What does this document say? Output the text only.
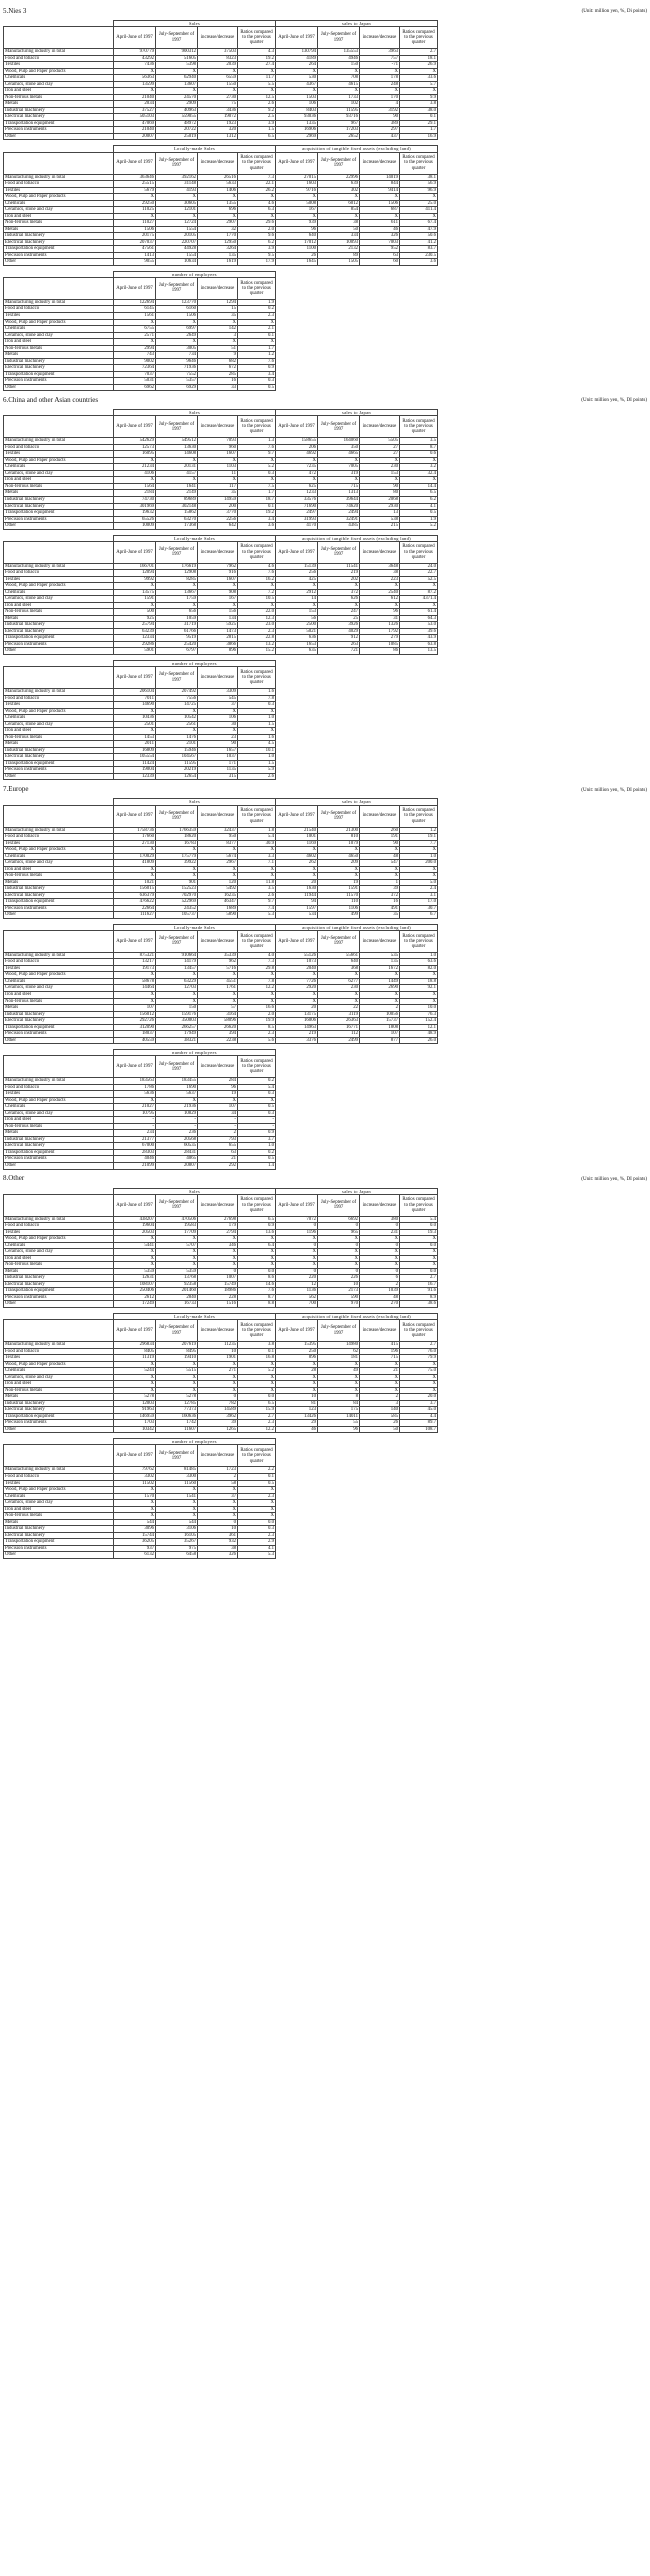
5.Nies 3	(Unit: million yen, %, Di points)
	Sales				sales to Japan			
	April-June of 1997	July-September of 1997	increase/decrease	Ratios compared to the previous quarter	April-June of 1997	July-September of 1997	increase/decrease	Ratios compared to the previous quarter
Manufacturing industry in total	970779	900312	37503	4.3	130794	135553	3963	2.7
Food and tobacco	43292	51605	8323	19.2	4189	4946	757	18.1
Textiles	7436	5398	2039	27.4	264	150	-71	26.9
Wood, Pulp and Paper products	X	X	X	X	X	X	X	X
Chemicals	56363	62940	6559	11.7	530	708	178	33.6
Ceramics, stone and clay	13599	13607	1550	5.5	4367	4615	248	5.7
Iron and steel	X	X	X	X	X	X	X	X
Non-ferrous metals	21040	24570	2730	12.5	1503	1733	170	9.9
Metals	2034	2909	75	2.6	106	102	4	3.8
Industrial machinery	37527	40963	3436	9.2	8403	11595	3192	38.0
Electrical machinery	505103	559055	19072	2.5	93036	93716	90	0.1
Transportation equipment	47069	48972	1923	3.9	1335	967	389	29.1
Precision instruments	21040	20722	320	1.5	16906	17203	297	1.7
Other	20007	25019	1312	6.5	2969	2652	437	16.9
	Locally-made Sales				acquisition of tangible fixed assets (excluding land)			
	April-June of 1997	July-September of 1997	increase/decrease	Ratios compared to the previous quarter	April-June of 1997	July-September of 1997	increase/decrease	Ratios compared to the previous quarter
Manufacturing industry in total	363646	392162	26516	7.3	27015	22996	14019	38.1
Food and tobacco	25515	31148	5633	22.1	1603	639	844	56.9
Textiles	5679	4193	1406	26.2	9716	302	9414	96.9
Wood, Pulp and Paper products	X	X	X	X	X	X	X	X
Chemicals	29250	30605	1355	4.6	5008	6012	1506	25.0
Ceramics, stone and clay	11025	12101	696	6.3	167	854	687	411.4
Iron and steel	X	X	X	X	X	X	X	X
Non-ferrous metals	11027	12724	2907	29.6	939	38	611	67.4
Metals	1506	1554	32	2.0	96	50	46	47.9
Industrial machinery	20175	20105	1770	9.6	640	334	326	50.6
Electrical machinery	207037	220707	12950	6.2	17012	10093	7003	41.2
Transportation equipment	47561	44928	3264	3.9	1100	2132	952	83.7
Precision instruments	1413	1554	135	9.5	26	89	63	230.5
Other	9055	10634	1619	17.9	1645	1505	60	3.6
	number of employees			
	April-June of 1997	July-September of 1997	increase/decrease	Ratios compared to the previous quarter
Manufacturing industry in total	122694	123770	1294	1.9
Food and tobacco	6145	6160	15	0.2
Textiles	1561	1506	35	2.3
Wood, Pulp and Paper products	X	X	X	X
Chemicals	6755	6997	142	2.1
Ceramics, stone and clay	2571	2649	3	0.1
Iron and steel	X	X	X	X
Non-ferrous metals	2994	3005	51	1.7
Metals	743	734	9	1.2
Industrial machinery	9002	9646	682	7.6
Electrical machinery	72364	71936	672	0.9
Transportation equipment	7037	7552	285	3.4
Precision instruments	5031	5357	16	0.3
Other	6962	6929	33	0.5
6.China and other Asian countries	(Unit: million yen, %, DI points)
	Sales				sales to Japan			
	April-June of 1997	July-September of 1997	increase/decrease	Ratios compared to the previous quarter	April-June of 1997	July-September of 1997	increase/decrease	Ratios compared to the previous quarter
Manufacturing industry in total	542629	549512	7093	1.3	158655	164060	5505	3.5
Food and tobacco	12573	13630	960	7.6	206	350	27	8.7
Textiles	16095	14608	1607	9.7	4692	4665	27	0.6
Wood, Pulp and Paper products	X	X	X	X	X	X	X	X
Chemicals	21234	20131	1103	5.2	7235	7005	230	3.2
Ceramics, stone and clay	4106	4157	11	0.3	472	319	153	32.4
Iron and steel	X	X	X	X	X	X	X	X
Non-ferrous metals	1564	1641	117	7.5	625	715	90	14.4
Metals	2184	2149	35	1.7	1233	1313	80	6.5
Industrial machinery	74730	89689	14959	18.7	33576	39644	2068	6.2
Electrical machinery	301969	302148	200	0.1	71690	74620	2930	4.1
Transportation equipment	19632	15862	3770	19.2	2497	2494	13	0.5
Precision instruments	65526	63270	2256	3.4	31993	32491	538	1.9
Other	10009	17368	642	3.6	4170	4385	215	5.2
	Locally-made Sales				acquisition of tangible fixed assets (excluding land)			
	April-June of 1997	July-September of 1997	increase/decrease	Ratios compared to the previous quarter	April-June of 1997	July-September of 1997	increase/decrease	Ratios compared to the previous quarter
Manufacturing industry in total	166701	176619	7962	4.6	15139	11541	3648	24.0
Food and tobacco	12094	12908	916	7.6	256	219	38	22.7
Textiles	9992	8285	1607	16.2	425	202	223	52.5
Wood, Pulp and Paper products	X	X	X	X	X	X	X	X
Chemicals	13575	13667	908	7.2	2912	372	2540	87.2
Ceramics, stone and clay	1591	1759	167	10.5	14	626	612	4371.4
Iron and steel	X	X	X	X	X	X	X	X
Non-ferrous metals	500	656	156	22.0	153	247	96	61.4
Metals	925	1059	134	12.3	56	25	31	64.3
Industrial machinery	25794	31719	5925	23.0	2500	3926	1326	53.0
Electrical machinery	63239	61766	1473	2.3	5021	4029	1792	39.6
Transportation equipment	12334	9519	2815	22.8	636	912	279	43.9
Precision instruments	29286	25420	3866	13.2	1653	263	1085	63.8
Other	5901	6797	896	15.2	635	721	86	13.5
	number of employees			
	April-June of 1997	July-September of 1997	increase/decrease	Ratios compared to the previous quarter
Manufacturing industry in total	206104	207492	3309	1.6
Food and tobacco	7011	7556	545	7.8
Textiles	14690	14725	37	0.3
Wood, Pulp and Paper products	X	X	X	X
Chemicals	10436	10542	106	1.0
Ceramics, stone and clay	2501	2561	30	1.5
Iron and steel	X	X	X	X
Non-ferrous metals	1453	1476	23	1.6
Metals	2011	2101	90	4.5
Industrial machinery	16809	15946	1657	10.1
Electrical machinery	105554	104567	1037	1.0
Transportation equipment	11424	11595	171	1.5
Precision instruments	19004	20219	1135	5.9
Other	12339	12654	315	2.6
7.Europe	(Unit: million yen, %, DI points)
	Sales				sales to Japan			
	April-June of 1997	July-September of 1997	increase/decrease	Ratios compared to the previous quarter	April-June of 1997	July-September of 1997	increase/decrease	Ratios compared to the previous quarter
Manufacturing industry in total	1758736	1766359	32437	1.8	21540	21300	260	1.2
Food and tobacco	17660	18620	950	5.4	1001	810	191	19.1
Textiles	27130	16783	8377	30.9	1169	1079	90	7.7
Wood, Pulp and Paper products	X	X	X	X	X	X	X	X
Chemicals	170029	175779	5674	3.3	4602	4650	48	1.0
Ceramics, stone and clay	41809	39922	2967	7.1	262	209	547	200.0
Iron and steel	X	X	X	X	X	X	X	X
Non-ferrous metals	X	X	X	X	X	X	X	X
Metals	1021	901	120	11.8	20	19	1	5.0
Industrial machinery	156015	152523	5492	3.5	1630	1591	39	2.4
Electrical machinery	636379	702970	16235	2.6	11944	11570	372	3.1
Transportation equipment	476622	522969	46347	9.7	94	110	16	17.0
Precision instruments	22664	24352	1689	7.4	1597	1106	491	30.7
Other	111627	105737	5890	5.3	534	499	35	6.7
	Locally-made Sales				acquisition of tangible fixed assets (excluding land)			
	April-June of 1997	July-September of 1997	increase/decrease	Ratios compared to the previous quarter	April-June of 1997	July-September of 1997	increase/decrease	Ratios compared to the previous quarter
Manufacturing industry in total	875321	910664	35339	4.0	55126	55661	535	1.0
Food and tobacco	13217	14179	962	7.3	1073	640	135	63.6
Textiles	19173	13457	5716	29.8	2040	368	1672	82.0
Wood, Pulp and Paper products	X	X	X	X	X	X	X	X
Chemicals	58678	63229	4551	7.8	7726	6277	1449	18.8
Ceramics, stone and clay	14464	12703	1761	12.2	2920	230	2690	92.1
Iron and steel	X	X	X	X	X	X	X	X
Non-ferrous metals	X	X	X	X	X	X	X	X
Metals	107	150	57	16.6	20	22	2	10.0
Industrial machinery	156012	159176	3164	2.0	13175	3119	10056	76.3
Electrical machinery	292726	350003	58096	19.9	16006	26363	15737	152.4
Transportation equipment	312090	266257	26620	8.5	14963	16771	1808	12.1
Precision instruments	18037	17949	394	2.3	219	112	107	48.9
Other	40559	38321	2238	5.6	3376	2499	877	26.0
	number of employees			
	April-June of 1997	July-September of 1997	increase/decrease	Ratios compared to the previous quarter
Manufacturing industry in total	183563	183455	284	0.2
Food and tobacco	1786	1690	96	5.4
Textiles	5636	5637	19	0.3
Wood, Pulp and Paper products	X	X	X	X
Chemicals	21027	21936	107	0.5
Ceramics, stone and clay	10795	10829	34	0.3
Iron and steel	-	-	-	-
Non-ferrous metals	-	-	-	-
Metals	234	236	2	0.9
Industrial machinery	21377	20568	793	3.7
Electrical machinery	67000	60535	655	1.0
Transportation equipment	28303	28431	63	0.2
Precision instruments	4046	4065	21	0.5
Other	21099	20807	292	1.4
8.Other	(Unit: million yen, %, DI points)
	Sales				sales to Japan			
	April-June of 1997	July-September of 1997	increase/decrease	Ratios compared to the previous quarter	April-June of 1997	July-September of 1997	increase/decrease	Ratios compared to the previous quarter
Manufacturing industry in total	438207	470506	27698	6.5	7072	6692	380	5.4
Food and tobacco	19604	19583	179	0.9	0	0	0	0.0
Textiles	20503	17709	2794	13.6	1196	965	231	19.3
Wood, Pulp and Paper products	X	X	X	X	X	X	X	X
Chemicals	5441	5707	346	6.4	0	0	0	0.0
Ceramics, stone and clay	X	X	X	X	X	X	X	X
Iron and steel	X	X	X	X	X	X	X	X
Non-ferrous metals	X	X	X	X	X	X	X	X
Metals	5359	5359	0	0.0	0	0	0	0.0
Industrial machinery	12631	13768	1007	8.6	220	226	6	2.7
Electrical machinery	108107	92358	15749	14.6	12	10	2	16.7
Transportation equipment	250406	201460	18986	7.6	1136	2173	1039	91.6
Precision instruments	2612	2840	228	8.7	562	590	48	8.9
Other	17249	16733	1516	8.8	700	970	270	38.6
	Locally-made Sales				acquisition of tangible fixed assets (excluding land)			
	April-June of 1997	July-September of 1997	increase/decrease	Ratios compared to the previous quarter	April-June of 1997	July-September of 1997	increase/decrease	Ratios compared to the previous quarter
Manufacturing industry in total	296834	207619	11235	3.8	15395	14980	415	2.7
Food and tobacco	8405	8495	10	0.1	250	62	196	76.0
Textiles	11319	19410	1901	16.8	896	181	715	79.9
Wood, Pulp and Paper products	X	X	X	X	X	X	X	X
Chemicals	5244	5515	271	5.2	28	49	21	75.0
Ceramics, stone and clay	X	X	X	X	X	X	X	X
Iron and steel	X	X	X	X	X	X	X	X
Non-ferrous metals	X	X	X	X	X	X	X	X
Metals	5278	5278	0	0.0	10	8	2	20.0
Industrial machinery	12003	12785	782	6.5	81	84	3	3.7
Electrical machinery	91963	77373	14589	15.9	123	175	140	45.0
Transportation equipment	146959	160636	3962	2.7	13426	14011	585	4.4
Precision instruments	1703	1742	39	2.3	29	55	26	89.7
Other	10342	11607	1265	12.2	46	96	50	108.7
	number of employees			
	April-June of 1997	July-September of 1997	increase/decrease	Ratios compared to the previous quarter
Manufacturing industry in total	79762	81485	1723	2.2
Food and tobacco	3302	3300	2	0.1
Textiles	11502	11560	58	0.5
Wood, Pulp and Paper products	X	X	X	X
Chemicals	1570	1541	37	2.3
Ceramics, stone and clay	X	X	X	X
Iron and steel	X	X	X	X
Non-ferrous metals	X	X	X	X
Metals	544	544	0	0.0
Industrial machinery	3096	3106	10	0.3
Electrical machinery	15744	16105	361	2.3
Transportation equipment	36205	35267	932	2.9
Precision instruments	937	975	38	4.1
Other	6132	6458	326	5.3
